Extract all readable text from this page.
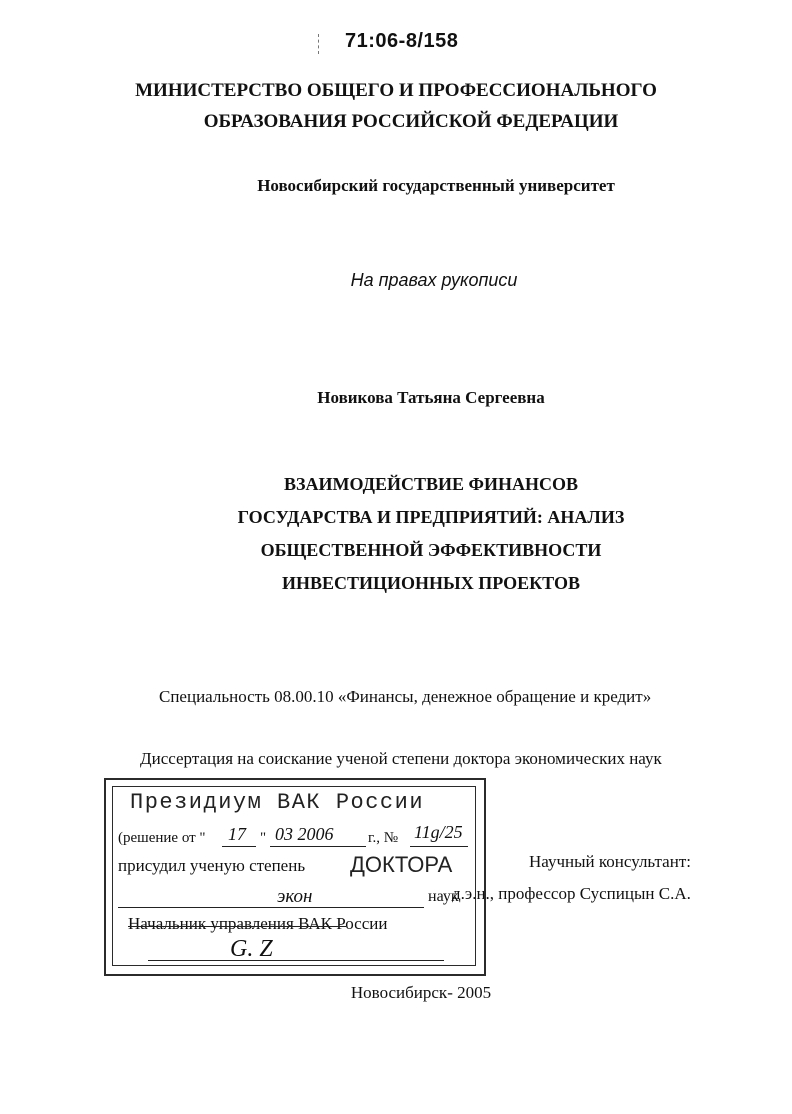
71:06-8/158
МИНИСТЕРСТВО ОБЩЕГО И ПРОФЕССИОНАЛЬНОГО
ОБРАЗОВАНИЯ РОССИЙСКОЙ ФЕДЕРАЦИИ
Новосибирский государственный университет
На правах рукописи
Новикова Татьяна Сергеевна
ВЗАИМОДЕЙСТВИЕ ФИНАНСОВ
ГОСУДАРСТВА И ПРЕДПРИЯТИЙ: АНАЛИЗ
ОБЩЕСТВЕННОЙ ЭФФЕКТИВНОСТИ
ИНВЕСТИЦИОННЫХ ПРОЕКТОВ
Специальность 08.00.10 «Финансы, денежное обращение и кредит»
Диссертация на соискание ученой степени доктора экономических наук
Научный консультант:
д.э.н., профессор Суспицын С.А.
Президиум ВАК России
(решение от " 17 " 03 2006 г., № 11g/25
присудил ученую степень ДОКТОРА
экон	наук
Начальник управления ВАК России
G. Z
Новосибирск- 2005
